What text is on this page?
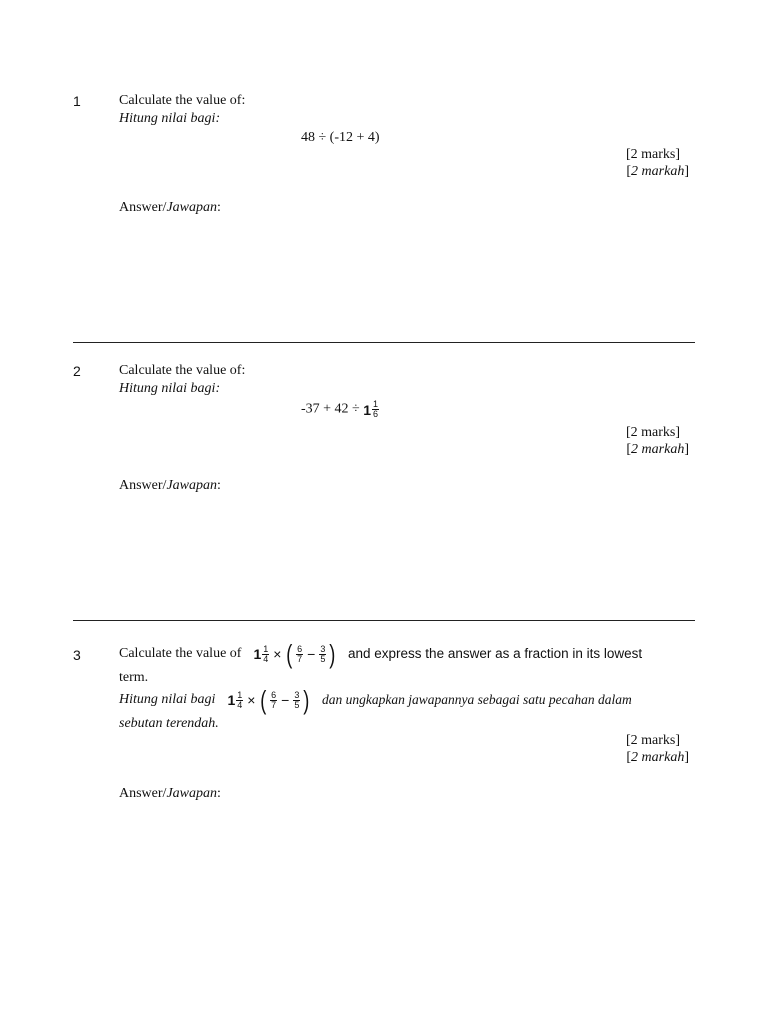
1	Calculate the value of:
Hitung nilai bagi:
48 ÷ (-12 + 4)
[2 marks]
[2 markah]
Answer/Jawapan:
2	Calculate the value of:
Hitung nilai bagi:
$-37 + 42 \div 1 \frac{1}{6}$
[2 marks]
[2 markah]
Answer/Jawapan:
3	Calculate the value of $1 \frac{1}{4}$ × ( $\frac{6}{7} - \frac{3}{5}$ ) and express the answer as a fraction in its lowest
term.
Hitung nilai bagi $1 \frac{1}{4}$ × ( $\frac{6}{7} - \frac{3}{5}$ ) dan ungkapkan jawapannya sebagai satu pecahan dalam
sebutan terendah.
[2 marks]
[2 markah]
Answer/Jawapan:
